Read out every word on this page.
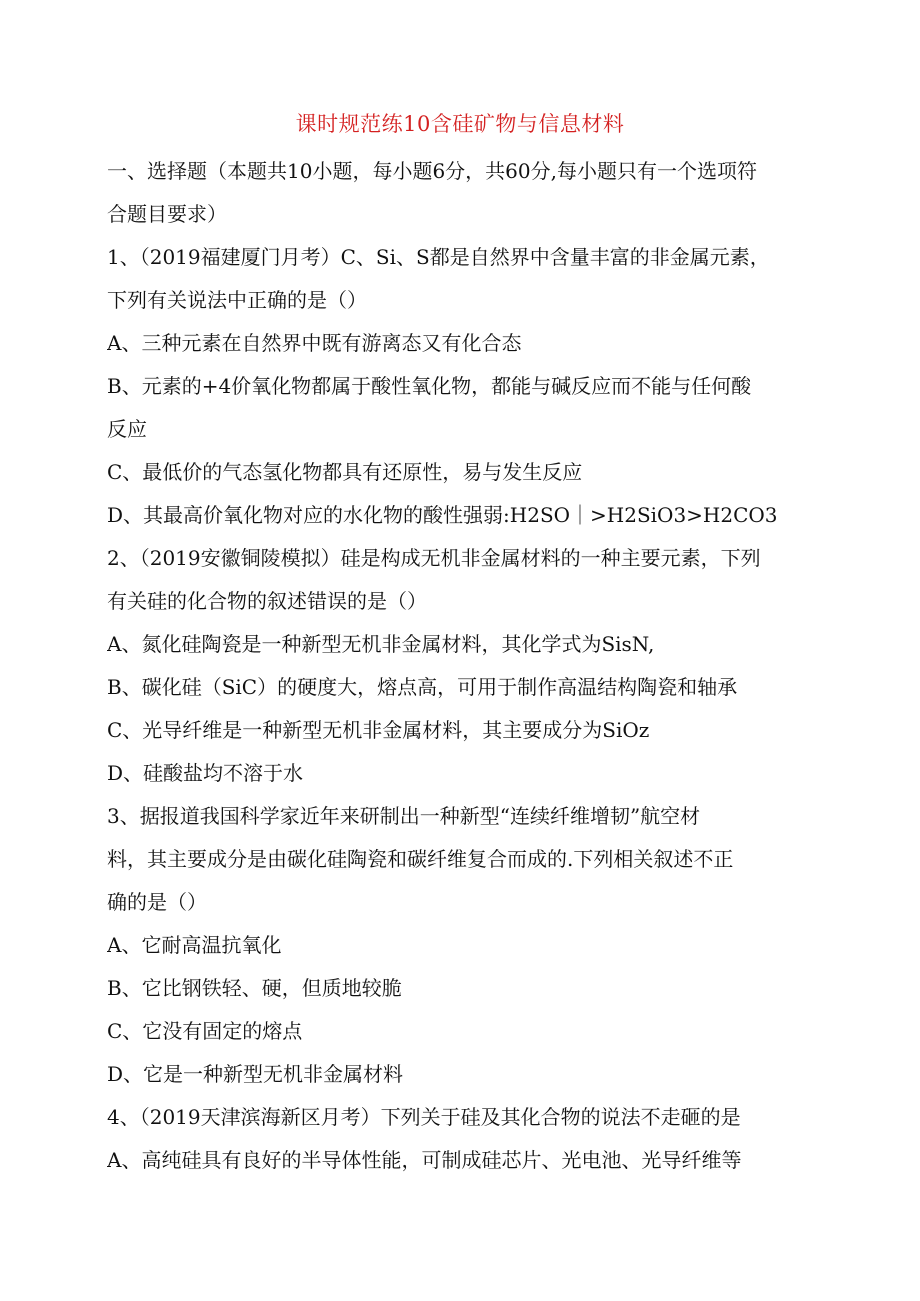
课时规范练10含硅矿物与信息材料
一、选择题（本题共10小题，每小题6分，共60分,每小题只有一个选项符
合题目要求）
1、（2019福建厦门月考）C、Si、S都是自然界中含量丰富的非金属元素，
下列有关说法中正确的是（）
A、三种元素在自然界中既有游离态又有化合态
B、元素的+4价氧化物都属于酸性氧化物，都能与碱反应而不能与任何酸
反应
C、最低价的气态氢化物都具有还原性，易与发生反应
D、其最高价氧化物对应的水化物的酸性强弱:H2SO｜>H2SiO3>H2CO3
2、（2019安徽铜陵模拟）硅是构成无机非金属材料的一种主要元素，下列
有关硅的化合物的叙述错误的是（）
A、氮化硅陶瓷是一种新型无机非金属材料，其化学式为SisN,
B、碳化硅（SiC）的硬度大，熔点高，可用于制作高温结构陶瓷和轴承
C、光导纤维是一种新型无机非金属材料，其主要成分为SiOz
D、硅酸盐均不溶于水
3、据报道我国科学家近年来研制出一种新型“连续纤维增韧”航空材
料，其主要成分是由碳化硅陶瓷和碳纤维复合而成的.下列相关叙述不正
确的是（）
A、它耐高温抗氧化
B、它比钢铁轻、硬，但质地较脆
C、它没有固定的熔点
D、它是一种新型无机非金属材料
4、（2019天津滨海新区月考）下列关于硅及其化合物的说法不走砸的是
A、高纯硅具有良好的半导体性能，可制成硅芯片、光电池、光导纤维等
